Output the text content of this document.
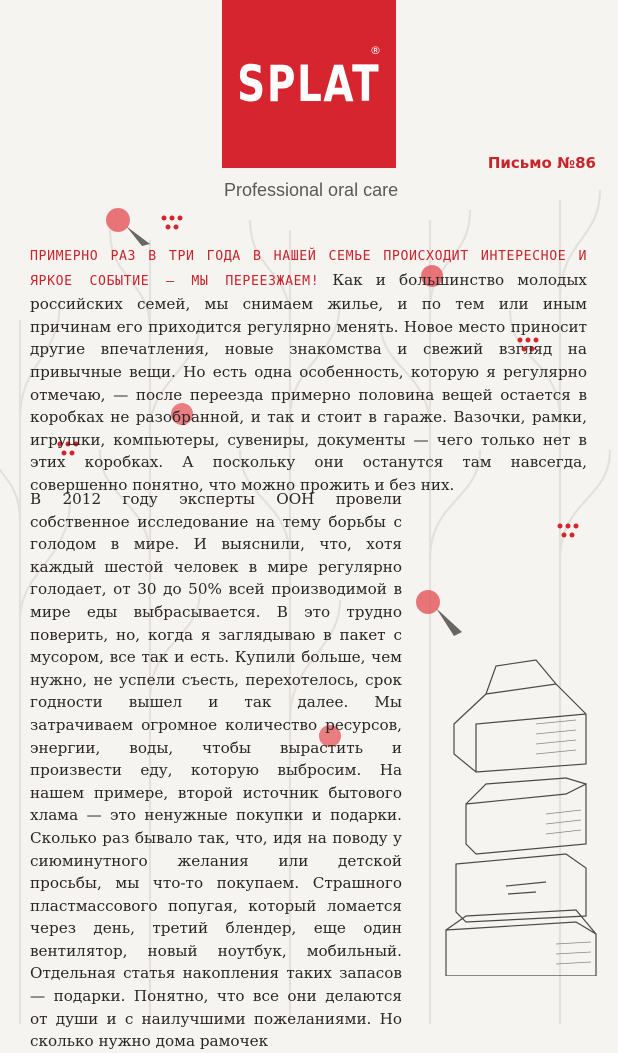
SPLAT
®
Professional oral care
Письмо №86

ПРИМЕРНО РАЗ В ТРИ ГОДА В НАШЕЙ СЕМЬЕ ПРОИСХОДИТ ИНТЕРЕСНОЕ И ЯРКОЕ СОБЫТИЕ — МЫ ПЕРЕЕЗЖАЕМ! Как и большинство молодых российских семей, мы снимаем жилье, и по тем или иным причинам его приходится регулярно менять. Новое место приносит другие впечатления, новые знакомства и свежий взгляд на привычные вещи. Но есть одна особенность, которую я регулярно отмечаю, — после переезда примерно половина вещей остается в коробках не разобранной, и так и стоит в гараже. Вазочки, рамки, игрушки, компьютеры, сувениры, документы — чего только нет в этих коробках. А поскольку они останутся там навсегда, совершенно понятно, что можно прожить и без них.

В 2012 году эксперты ООН провели собственное исследование на тему борьбы с голодом в мире. И выяснили, что, хотя каждый шестой человек в мире регулярно голодает, от 30 до 50% всей производимой в мире еды выбрасывается. В это трудно поверить, но, когда я заглядываю в пакет с мусором, все так и есть. Купили больше, чем нужно, не успели съесть, перехотелось, срок годности вышел и так далее. Мы затрачиваем огромное количество ресурсов, энергии, воды, чтобы вырастить и произвести еду, которую выбросим. На нашем примере, второй источник бытового хлама — это ненужные покупки и подарки. Сколько раз бывало так, что, идя на поводу у сиюминутного желания или детской просьбы, мы что-то покупаем. Страшного пластмассового попугая, который ломается через день, третий блендер, еще один вентилятор, новый ноутбук, мобильный. Отдельная статья накопления таких запасов — подарки. Понятно, что все они делаются от души и с наилучшими пожеланиями. Но сколько нужно дома рамочек
